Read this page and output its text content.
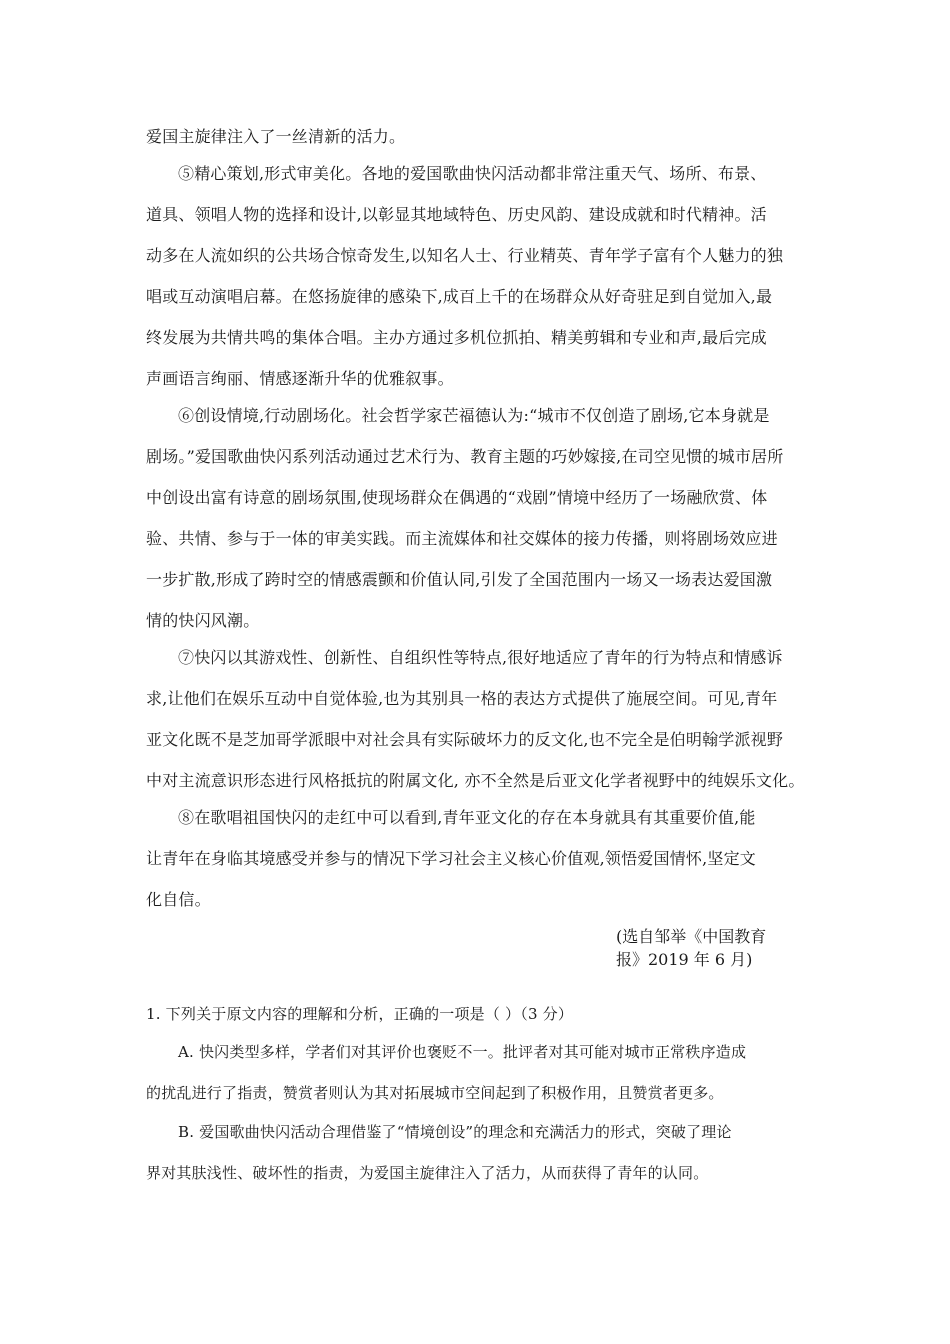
爱国主旋律注入了一丝清新的活力。
⑤精心策划,形式审美化。各地的爱国歌曲快闪活动都非常注重天气、场所、布景、
道具、领唱人物的选择和设计,以彰显其地域特色、历史风韵、建设成就和时代精神。活
动多在人流如织的公共场合惊奇发生,以知名人士、行业精英、青年学子富有个人魅力的独
唱或互动演唱启幕。在悠扬旋律的感染下,成百上千的在场群众从好奇驻足到自觉加入,最
终发展为共情共鸣的集体合唱。主办方通过多机位抓拍、精美剪辑和专业和声,最后完成
声画语言绚丽、情感逐渐升华的优雅叙事。
⑥创设情境,行动剧场化。社会哲学家芒福德认为:“城市不仅创造了剧场,它本身就是
剧场。”爱国歌曲快闪系列活动通过艺术行为、教育主题的巧妙嫁接,在司空见惯的城市居所
中创设出富有诗意的剧场氛围,使现场群众在偶遇的“戏剧”情境中经历了一场融欣赏、体
验、共情、参与于一体的审美实践。而主流媒体和社交媒体的接力传播，则将剧场效应进
一步扩散,形成了跨时空的情感震颤和价值认同,引发了全国范围内一场又一场表达爱国激
情的快闪风潮。
⑦快闪以其游戏性、创新性、自组织性等特点,很好地适应了青年的行为特点和情感诉
求,让他们在娱乐互动中自觉体验,也为其别具一格的表达方式提供了施展空间。可见,青年
亚文化既不是芝加哥学派眼中对社会具有实际破坏力的反文化,也不完全是伯明翰学派视野
中对主流意识形态进行风格抵抗的附属文化, 亦不全然是后亚文化学者视野中的纯娱乐文化。
⑧在歌唱祖国快闪的走红中可以看到,青年亚文化的存在本身就具有其重要价值,能
让青年在身临其境感受并参与的情况下学习社会主义核心价值观,领悟爱国情怀,坚定文
化自信。
(选自邹举《中国教育
报》2019 年 6 月)
1. 下列关于原文内容的理解和分析，正确的一项是（ ）（3 分）
A. 快闪类型多样，学者们对其评价也褒贬不一。批评者对其可能对城市正常秩序造成
的扰乱进行了指责，赞赏者则认为其对拓展城市空间起到了积极作用，且赞赏者更多。
B. 爱国歌曲快闪活动合理借鉴了“情境创设”的理念和充满活力的形式，突破了理论
界对其肤浅性、破坏性的指责，为爱国主旋律注入了活力，从而获得了青年的认同。
